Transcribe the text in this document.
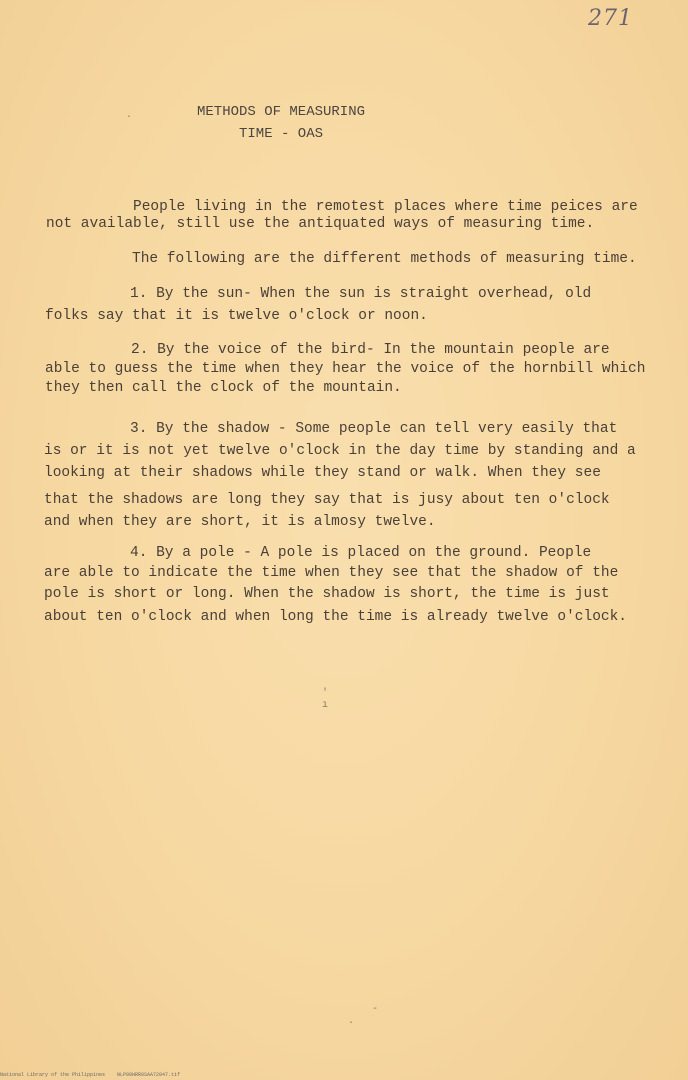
271
METHODS OF MEASURING
TIME - OAS
People living in the remotest places where time peices are
not available, still use the antiquated ways of measuring time.
The following are the different methods of measuring time.
1. By the sun- When the sun is straight overhead, old
folks say that it is twelve o'clock or noon.
2. By the voice of the bird- In the mountain people are
able to guess the time when they hear the voice of the hornbill which
they then call the clock of the mountain.
3. By the shadow - Some people can tell very easily that
is or it is not yet twelve o'clock in the day time by standing and a
looking at their shadows while they stand or walk. When they see
that the shadows are long they say that is jusy about ten o'clock
and when they are short, it is almosy twelve.
4. By a pole - A pole is placed on the ground. People
are able to indicate the time when they see that the shadow of the
pole is short or long. When the shadow is short, the time is just
about ten o'clock and when long the time is already twelve o'clock.
·
'
ı
-
·
National Library of the Philippines    NLP00HRR0SAA72047.tif
